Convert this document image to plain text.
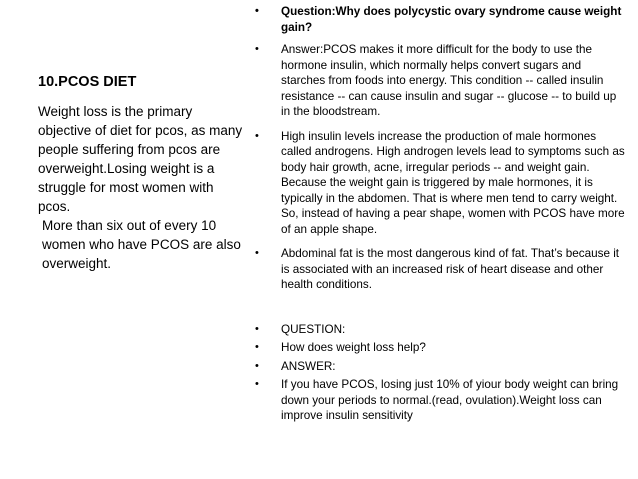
10.PCOS DIET

Weight loss is the primary objective of diet for pcos, as many people suffering from pcos are overweight.Losing weight is a struggle for most women with pcos.

More than six out of every 10 women who have PCOS are also overweight.

• Question:Why does polycystic ovary syndrome cause weight gain?
• Answer:PCOS makes it more difficult for the body to use the hormone insulin, which normally helps convert sugars and starches from foods into energy. This condition -- called insulin resistance -- can cause insulin and sugar -- glucose -- to build up in the bloodstream.
• High insulin levels increase the production of male hormones called androgens. High androgen levels lead to symptoms such as body hair growth, acne, irregular periods -- and weight gain. Because the weight gain is triggered by male hormones, it is typically in the abdomen. That is where men tend to carry weight. So, instead of having a pear shape, women with PCOS have more of an apple shape.
• Abdominal fat is the most dangerous kind of fat. That’s because it is associated with an increased risk of heart disease and other health conditions.
• QUESTION:
• How does weight loss help?
• ANSWER:
• If you have PCOS, losing just 10% of yiour body weight can bring down your periods to normal.(read, ovulation).Weight loss can improve insulin sensitivity
